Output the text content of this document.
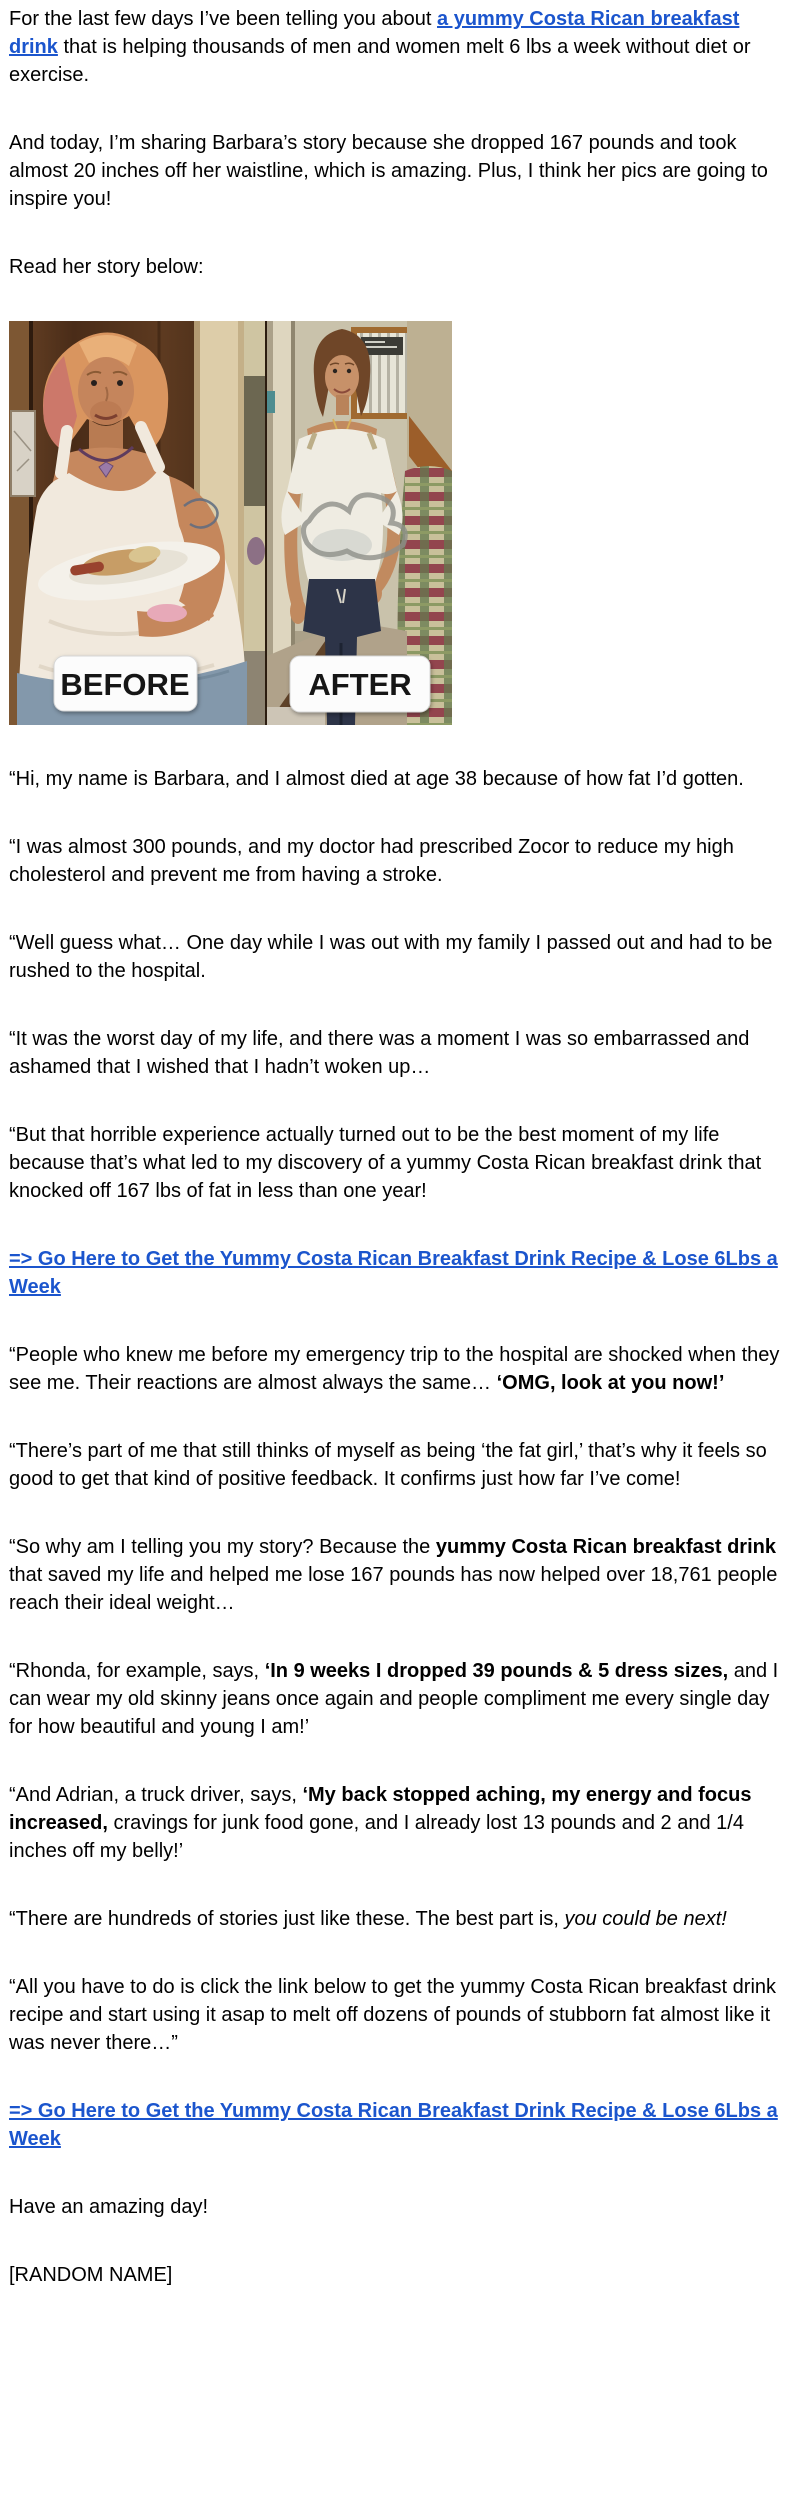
For the last few days I’ve been telling you about a yummy Costa Rican breakfast drink that is helping thousands of men and women melt 6 lbs a week without diet or exercise.

And today, I’m sharing Barbara’s story because she dropped 167 pounds and took almost 20 inches off her waistline, which is amazing. Plus, I think her pics are going to inspire you!

Read her story below:

BEFORE	AFTER

“Hi, my name is Barbara, and I almost died at age 38 because of how fat I’d gotten.

“I was almost 300 pounds, and my doctor had prescribed Zocor to reduce my high cholesterol and prevent me from having a stroke.

“Well guess what… One day while I was out with my family I passed out and had to be rushed to the hospital.

“It was the worst day of my life, and there was a moment I was so embarrassed and ashamed that I wished that I hadn’t woken up…

“But that horrible experience actually turned out to be the best moment of my life because that’s what led to my discovery of a yummy Costa Rican breakfast drink that knocked off 167 lbs of fat in less than one year!

=> Go Here to Get the Yummy Costa Rican Breakfast Drink Recipe & Lose 6Lbs a Week

“People who knew me before my emergency trip to the hospital are shocked when they see me. Their reactions are almost always the same… ‘OMG, look at you now!’

“There’s part of me that still thinks of myself as being ‘the fat girl,’ that’s why it feels so good to get that kind of positive feedback. It confirms just how far I’ve come!

“So why am I telling you my story? Because the yummy Costa Rican breakfast drink that saved my life and helped me lose 167 pounds has now helped over 18,761 people reach their ideal weight…

“Rhonda, for example, says, ‘In 9 weeks I dropped 39 pounds & 5 dress sizes, and I can wear my old skinny jeans once again and people compliment me every single day for how beautiful and young I am!’

“And Adrian, a truck driver, says, ‘My back stopped aching, my energy and focus increased, cravings for junk food gone, and I already lost 13 pounds and 2 and 1/4 inches off my belly!’

“There are hundreds of stories just like these. The best part is, you could be next!

“All you have to do is click the link below to get the yummy Costa Rican breakfast drink recipe and start using it asap to melt off dozens of pounds of stubborn fat almost like it was never there…”

=> Go Here to Get the Yummy Costa Rican Breakfast Drink Recipe & Lose 6Lbs a Week

Have an amazing day!

[RANDOM NAME]
